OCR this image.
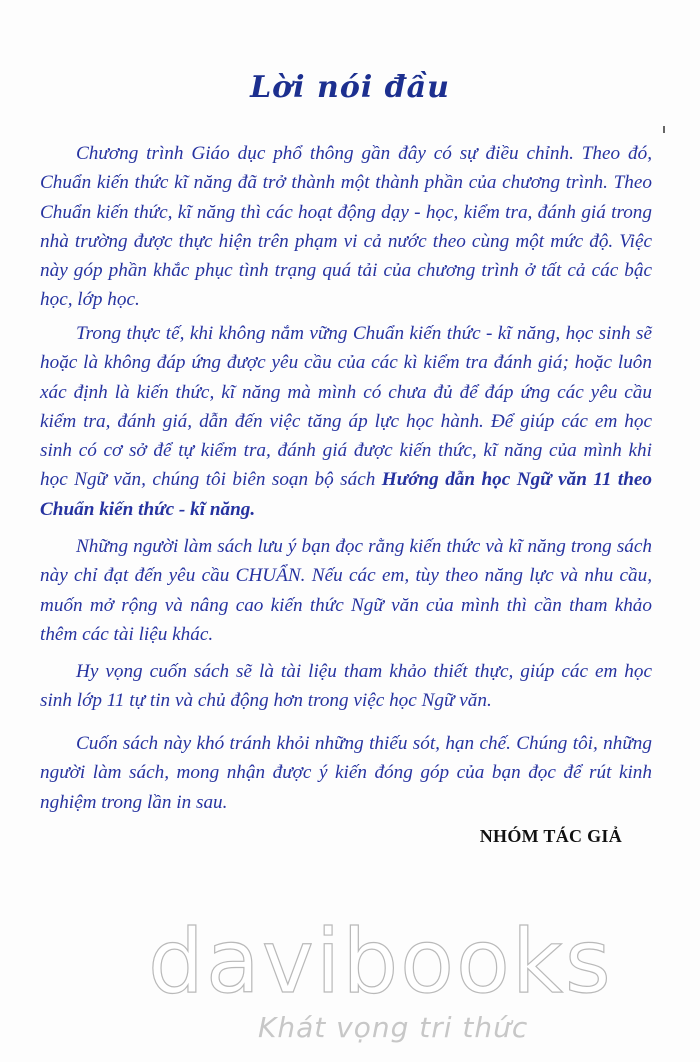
Lời nói đầu

Chương trình Giáo dục phổ thông gần đây có sự điều chỉnh. Theo đó, Chuẩn kiến thức kĩ năng đã trở thành một thành phần của chương trình. Theo Chuẩn kiến thức, kĩ năng thì các hoạt động dạy - học, kiểm tra, đánh giá trong nhà trường được thực hiện trên phạm vi cả nước theo cùng một mức độ. Việc này góp phần khắc phục tình trạng quá tải của chương trình ở tất cả các bậc học, lớp học.

Trong thực tế, khi không nắm vững Chuẩn kiến thức - kĩ năng, học sinh sẽ hoặc là không đáp ứng được yêu cầu của các kì kiểm tra đánh giá; hoặc luôn xác định là kiến thức, kĩ năng mà mình có chưa đủ để đáp ứng các yêu cầu kiểm tra, đánh giá, dẫn đến việc tăng áp lực học hành. Để giúp các em học sinh có cơ sở để tự kiểm tra, đánh giá được kiến thức, kĩ năng của mình khi học Ngữ văn, chúng tôi biên soạn bộ sách Hướng dẫn học Ngữ văn 11 theo Chuẩn kiến thức - kĩ năng.

Những người làm sách lưu ý bạn đọc rằng kiến thức và kĩ năng trong sách này chỉ đạt đến yêu cầu CHUẨN. Nếu các em, tùy theo năng lực và nhu cầu, muốn mở rộng và nâng cao kiến thức Ngữ văn của mình thì cần tham khảo thêm các tài liệu khác.

Hy vọng cuốn sách sẽ là tài liệu tham khảo thiết thực, giúp các em học sinh lớp 11 tự tin và chủ động hơn trong việc học Ngữ văn.

Cuốn sách này khó tránh khỏi những thiếu sót, hạn chế. Chúng tôi, những người làm sách, mong nhận được ý kiến đóng góp của bạn đọc để rút kinh nghiệm trong lần in sau.

NHÓM TÁC GIẢ
davibooks
Khát vọng tri thức
